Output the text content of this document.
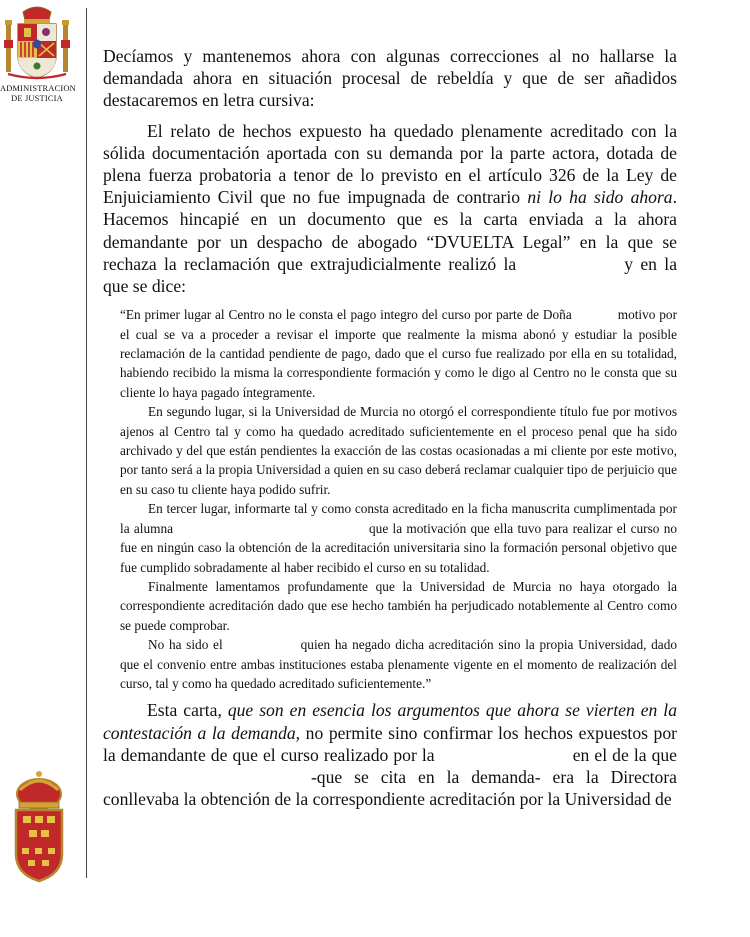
ADMINISTRACION
DE JUSTICIA

Decíamos y mantenemos ahora con algunas correcciones al no hallarse la demandada ahora en situación procesal de rebeldía y que de ser añadidos destacaremos en letra cursiva:

El relato de hechos expuesto ha quedado plenamente acreditado con la sólida documentación aportada con su demanda por la parte actora, dotada de plena fuerza probatoria a tenor de lo previsto en el artículo 326 de la Ley de Enjuiciamiento Civil que no fue impugnada de contrario ni lo ha sido ahora. Hacemos hincapié en un documento que es la carta enviada a la ahora demandante por un despacho de abogado “DVUELTA Legal” en la que se rechaza la reclamación que extrajudicialmente realizó la	y en la que se dice:

“En primer lugar al Centro no le consta el pago integro del curso por parte de Doña	motivo por el cual se va a proceder a revisar el importe que realmente la misma abonó y estudiar la posible reclamación de la cantidad pendiente de pago, dado que el curso fue realizado por ella en su totalidad, habiendo recibido la misma la correspondiente formación y como le digo al Centro no le consta que su cliente lo haya pagado íntegramente.

En segundo lugar, si la Universidad de Murcia no otorgó el correspondiente título fue por motivos ajenos al Centro tal y como ha quedado acreditado suficientemente en el proceso penal que ha sido archivado y del que están pendientes la exacción de las costas ocasionadas a mi cliente por este motivo, por tanto será a la propia Universidad a quien en su caso deberá reclamar cualquier tipo de perjuicio que en su caso tu cliente haya podido sufrir.

En tercer lugar, informarte tal y como consta acreditado en la ficha manuscrita cumplimentada por la alumna	que la motivación que ella tuvo para realizar el curso no fue en ningún caso la obtención de la acreditación universitaria sino la formación personal objetivo que fue cumplido sobradamente al haber recibido el curso en su totalidad.

Finalmente lamentamos profundamente que la Universidad de Murcia no haya otorgado la correspondiente acreditación dado que ese hecho también ha perjudicado notablemente al Centro como se puede comprobar.

No ha sido el	quien ha negado dicha acreditación sino la propia Universidad, dado que el convenio entre ambas instituciones estaba plenamente vigente en el momento de realización del curso, tal y como ha quedado acreditado suficientemente.”

Esta carta, que son en esencia los argumentos que ahora se vierten en la contestación a la demanda, no permite sino confirmar los hechos expuestos por la demandante de que el curso realizado por la	en el de la que  -que se cita en la demanda- era la Directora conllevaba la obtención de la correspondiente acreditación por la Universidad de
